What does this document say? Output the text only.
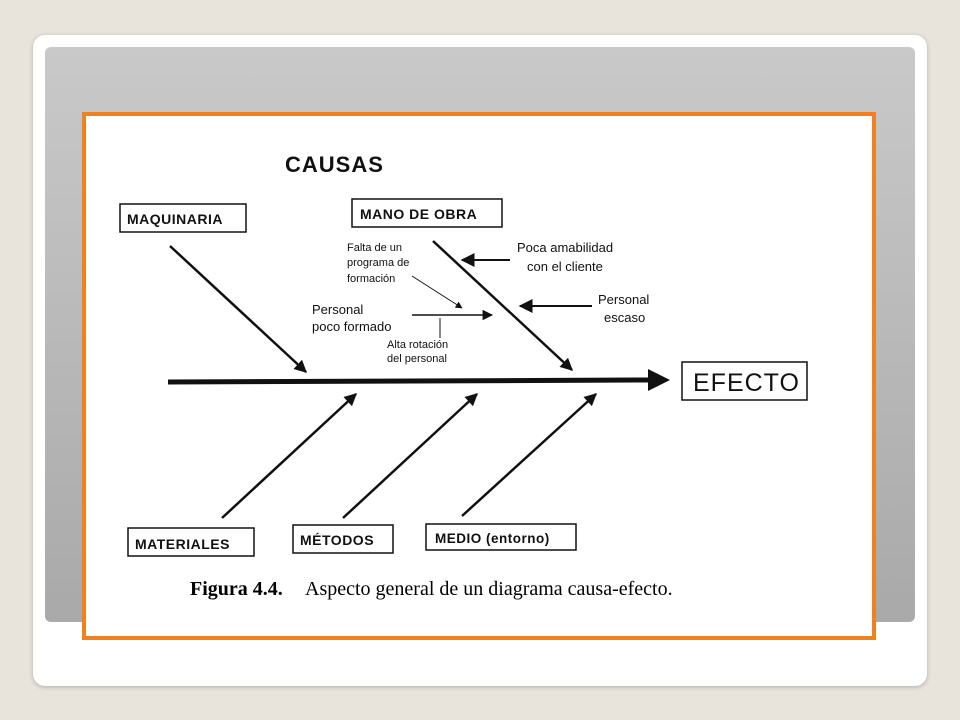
CAUSAS
EFECTO
MAQUINARIA	MANO DE OBRA
Falta de un programa de formación
Poca amabilidad con el cliente
Personal poco formado
Personal escaso
Alta rotación del personal
MATERIALES	MÉTODOS	MEDIO (entorno)
Figura 4.4. Aspecto general de un diagrama causa-efecto.
